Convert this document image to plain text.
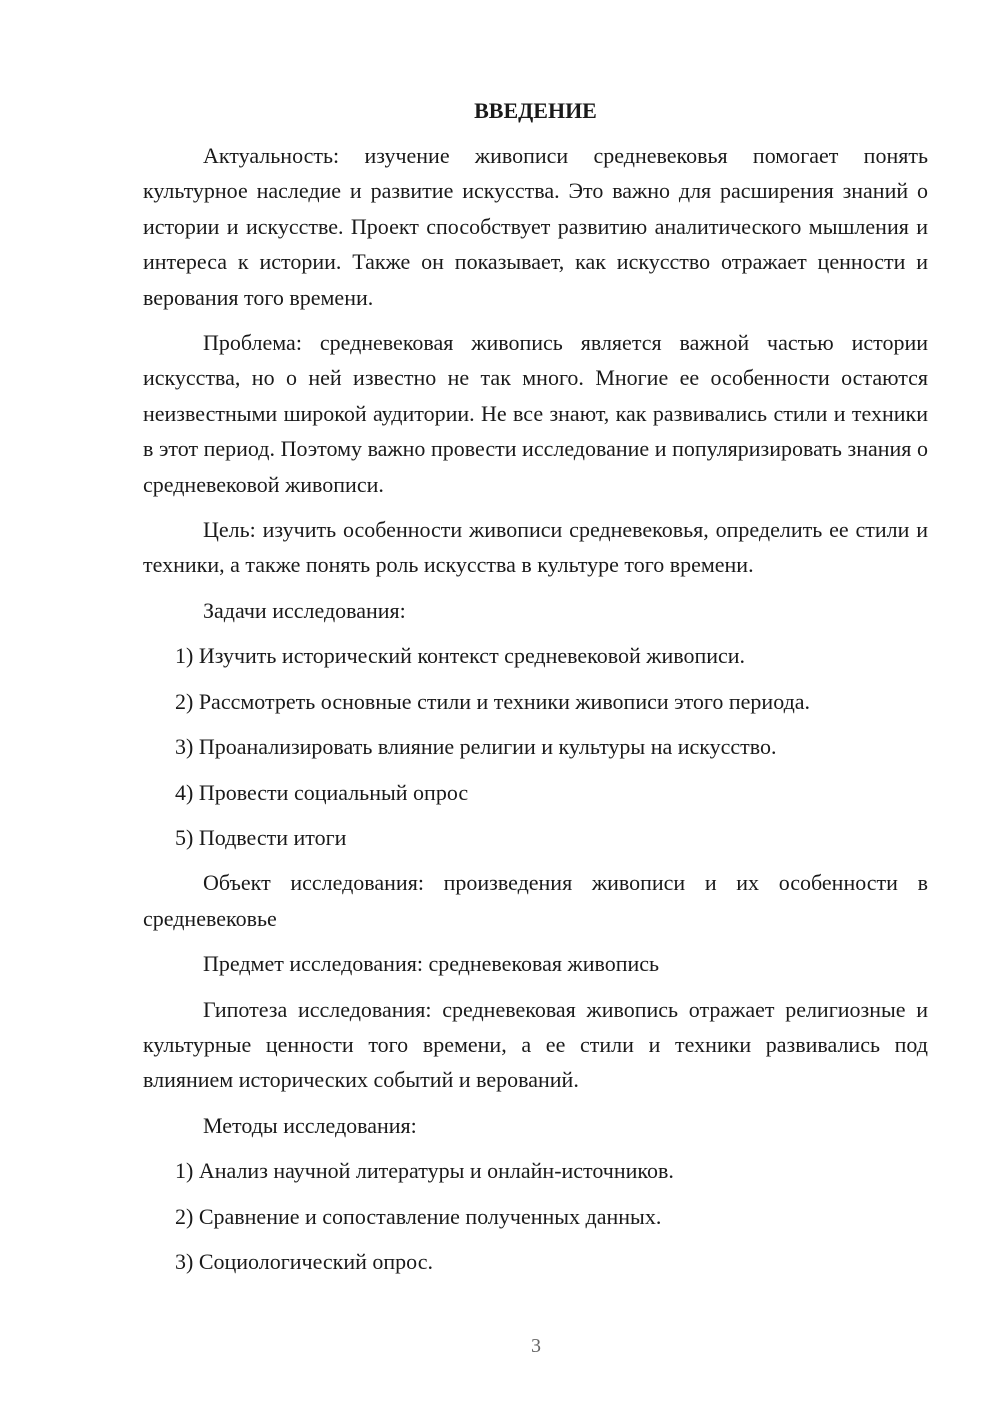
ВВЕДЕНИЕ

Актуальность: изучение живописи средневековья помогает понять культурное наследие и развитие искусства. Это важно для расширения знаний о истории и искусстве. Проект способствует развитию аналитического мышления и интереса к истории. Также он показывает, как искусство отражает ценности и верования того времени.

Проблема: средневековая живопись является важной частью истории искусства, но о ней известно не так много. Многие ее особенности остаются неизвестными широкой аудитории. Не все знают, как развивались стили и техники в этот период. Поэтому важно провести исследование и популяризировать знания о средневековой живописи.

Цель: изучить особенности живописи средневековья, определить ее стили и техники, а также понять роль искусства в культуре того времени.

Задачи исследования:

1) Изучить исторический контекст средневековой живописи.
2) Рассмотреть основные стили и техники живописи этого периода.
3) Проанализировать влияние религии и культуры на искусство.
4) Провести социальный опрос
5) Подвести итоги

Объект исследования: произведения живописи и их особенности в средневековье

Предмет исследования: средневековая живопись

Гипотеза исследования: средневековая живопись отражает религиозные и культурные ценности того времени, а ее стили и техники развивались под влиянием исторических событий и верований.

Методы исследования:

1) Анализ научной литературы и онлайн-источников.
2) Сравнение и сопоставление полученных данных.
3) Социологический опрос.
3
